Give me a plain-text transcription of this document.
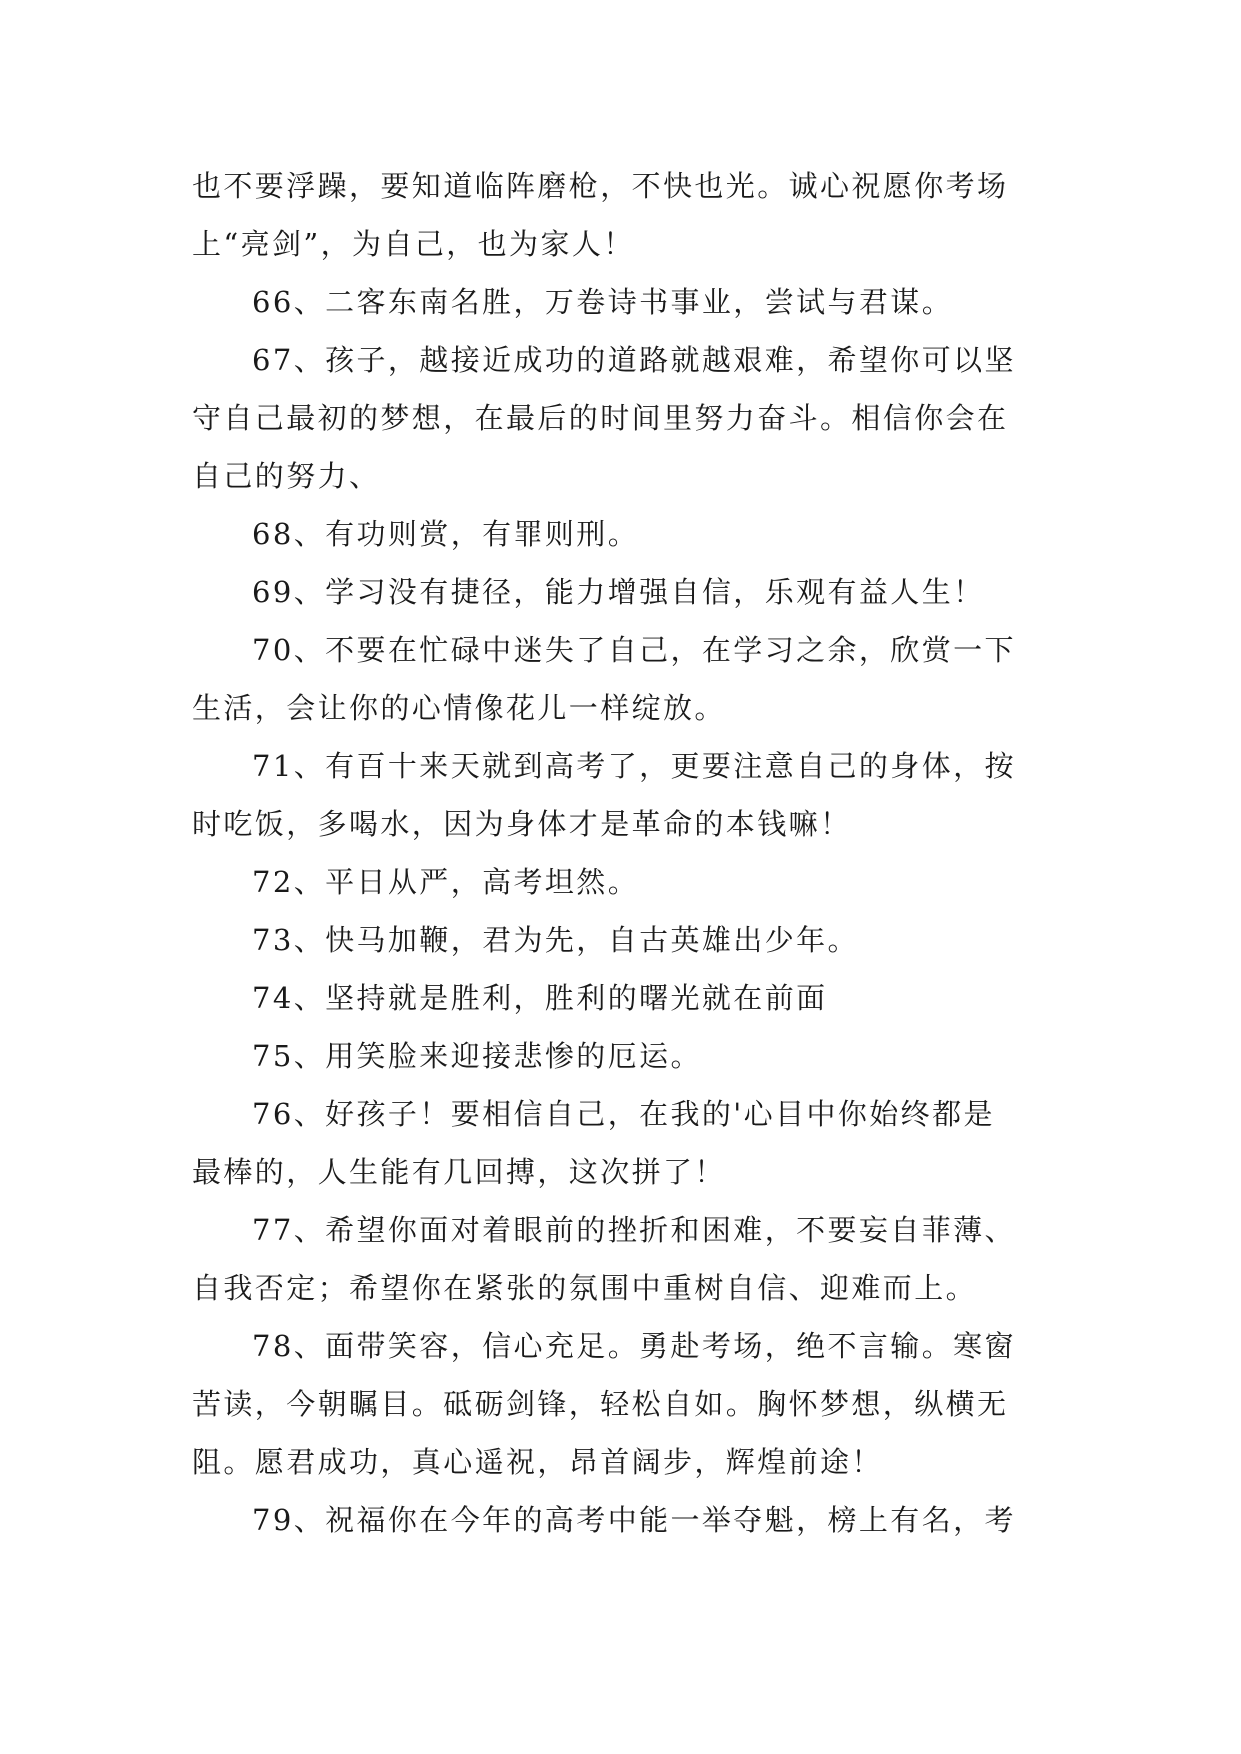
也不要浮躁，要知道临阵磨枪，不快也光。诚心祝愿你考场
上“亮剑”，为自己，也为家人！
66、二客东南名胜，万卷诗书事业，尝试与君谋。
67、孩子，越接近成功的道路就越艰难，希望你可以坚
守自己最初的梦想，在最后的时间里努力奋斗。相信你会在
自己的努力、
68、有功则赏，有罪则刑。
69、学习没有捷径，能力增强自信，乐观有益人生！
70、不要在忙碌中迷失了自己，在学习之余，欣赏一下
生活，会让你的心情像花儿一样绽放。
71、有百十来天就到高考了，更要注意自己的身体，按
时吃饭，多喝水，因为身体才是革命的本钱嘛！
72、平日从严，高考坦然。
73、快马加鞭，君为先，自古英雄出少年。
74、坚持就是胜利，胜利的曙光就在前面
75、用笑脸来迎接悲惨的厄运。
76、好孩子！要相信自己，在我的'心目中你始终都是
最棒的，人生能有几回搏，这次拼了！
77、希望你面对着眼前的挫折和困难，不要妄自菲薄、
自我否定；希望你在紧张的氛围中重树自信、迎难而上。
78、面带笑容，信心充足。勇赴考场，绝不言输。寒窗
苦读，今朝瞩目。砥砺剑锋，轻松自如。胸怀梦想，纵横无
阻。愿君成功，真心遥祝，昂首阔步，辉煌前途！
79、祝福你在今年的高考中能一举夺魁，榜上有名，考
